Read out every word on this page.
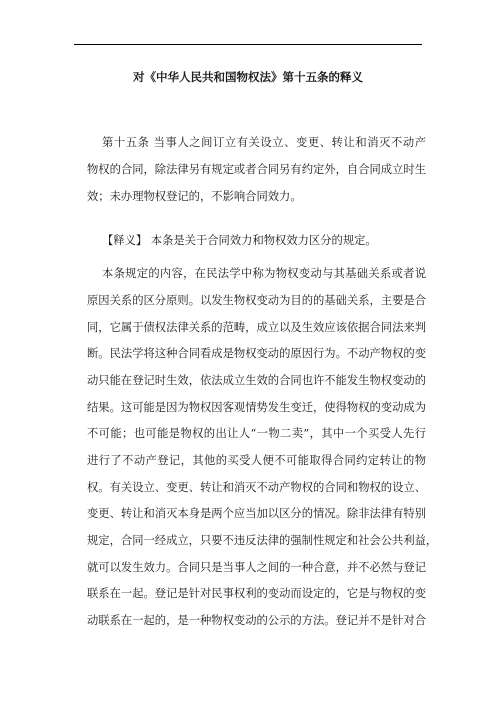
对《中华人民共和国物权法》第十五条的释义

第十五条 当事人之间订立有关设立、变更、转让和消灭不动产

物权的合同，除法律另有规定或者合同另有约定外，自合同成立时生

效；未办理物权登记的，不影响合同效力。

【释义】 本条是关于合同效力和物权效力区分的规定。

本条规定的内容，在民法学中称为物权变动与其基础关系或者说

原因关系的区分原则。以发生物权变动为目的的基础关系，主要是合

同，它属于债权法律关系的范畴，成立以及生效应该依据合同法来判

断。民法学将这种合同看成是物权变动的原因行为。不动产物权的变

动只能在登记时生效，依法成立生效的合同也许不能发生物权变动的

结果。这可能是因为物权因客观情势发生变迁，使得物权的变动成为

不可能；也可能是物权的出让人“一物二卖”，其中一个买受人先行

进行了不动产登记，其他的买受人便不可能取得合同约定转让的物

权。有关设立、变更、转让和消灭不动产物权的合同和物权的设立、

变更、转让和消灭本身是两个应当加以区分的情况。除非法律有特别

规定，合同一经成立，只要不违反法律的强制性规定和社会公共利益，

就可以发生效力。合同只是当事人之间的一种合意，并不必然与登记

联系在一起。登记是针对民事权利的变动而设定的，它是与物权的变

动联系在一起的，是一种物权变动的公示的方法。登记并不是针对合
